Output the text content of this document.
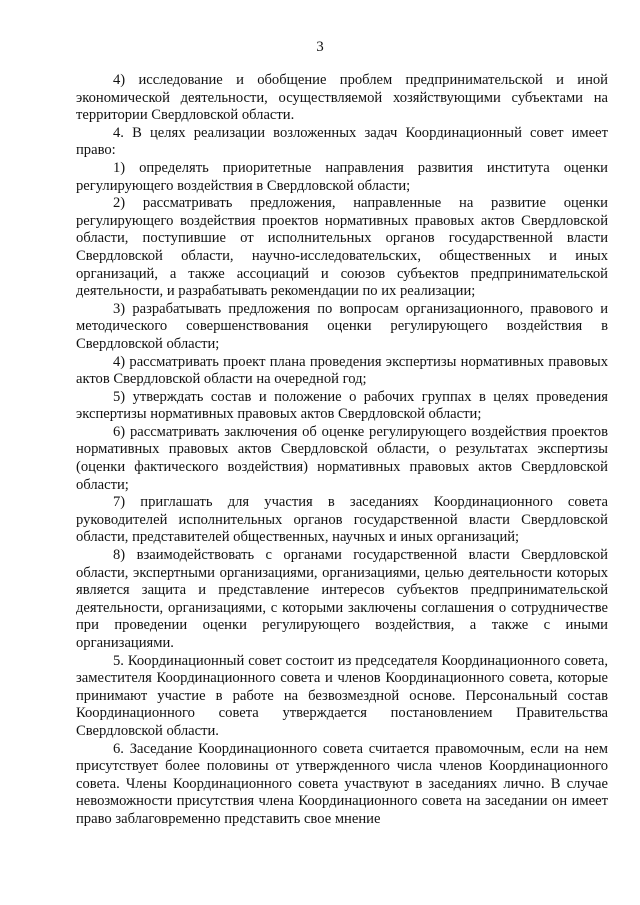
3

4) исследование и обобщение проблем предпринимательской и иной экономической деятельности, осуществляемой хозяйствующими субъектами на территории Свердловской области.

4. В целях реализации возложенных задач Координационный совет имеет право:

1) определять приоритетные направления развития института оценки регулирующего воздействия в Свердловской области;

2) рассматривать предложения, направленные на развитие оценки регулирующего воздействия проектов нормативных правовых актов Свердловской области, поступившие от исполнительных органов государственной власти Свердловской области, научно-исследовательских, общественных и иных организаций, а также ассоциаций и союзов субъектов предпринимательской деятельности, и разрабатывать рекомендации по их реализации;

3) разрабатывать предложения по вопросам организационного, правового и методического совершенствования оценки регулирующего воздействия в Свердловской области;

4) рассматривать проект плана проведения экспертизы нормативных правовых актов Свердловской области на очередной год;

5) утверждать состав и положение о рабочих группах в целях проведения экспертизы нормативных правовых актов Свердловской области;

6) рассматривать заключения об оценке регулирующего воздействия проектов нормативных правовых актов Свердловской области, о результатах экспертизы (оценки фактического воздействия) нормативных правовых актов Свердловской области;

7) приглашать для участия в заседаниях Координационного совета руководителей исполнительных органов государственной власти Свердловской области, представителей общественных, научных и иных организаций;

8) взаимодействовать с органами государственной власти Свердловской области, экспертными организациями, организациями, целью деятельности которых является защита и представление интересов субъектов предпринимательской деятельности, организациями, с которыми заключены соглашения о сотрудничестве при проведении оценки регулирующего воздействия, а также с иными организациями.

5. Координационный совет состоит из председателя Координационного совета, заместителя Координационного совета и членов Координационного совета, которые принимают участие в работе на безвозмездной основе. Персональный состав Координационного совета утверждается постановлением Правительства Свердловской области.

6. Заседание Координационного совета считается правомочным, если на нем присутствует более половины от утвержденного числа членов Координационного совета. Члены Координационного совета участвуют в заседаниях лично. В случае невозможности присутствия члена Координационного совета на заседании он имеет право заблаговременно представить свое мнение
